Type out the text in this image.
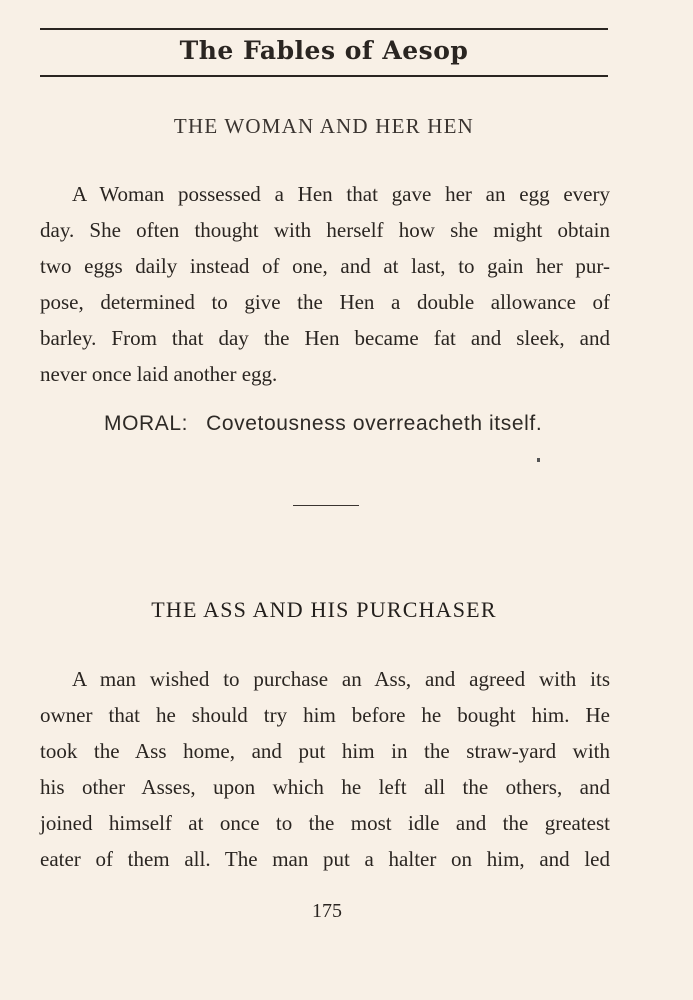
The Fables of Aesop
THE WOMAN AND HER HEN

A Woman possessed a Hen that gave her an egg every
day. She often thought with herself how she might obtain
two eggs daily instead of one, and at last, to gain her pur-
pose, determined to give the Hen a double allowance of
barley. From that day the Hen became fat and sleek, and
never once laid another egg.

MORAL: Covetousness overreacheth itself.
THE ASS AND HIS PURCHASER

A man wished to purchase an Ass, and agreed with its
owner that he should try him before he bought him. He
took the Ass home, and put him in the straw-yard with
his other Asses, upon which he left all the others, and
joined himself at once to the most idle and the greatest
eater of them all. The man put a halter on him, and led

175
